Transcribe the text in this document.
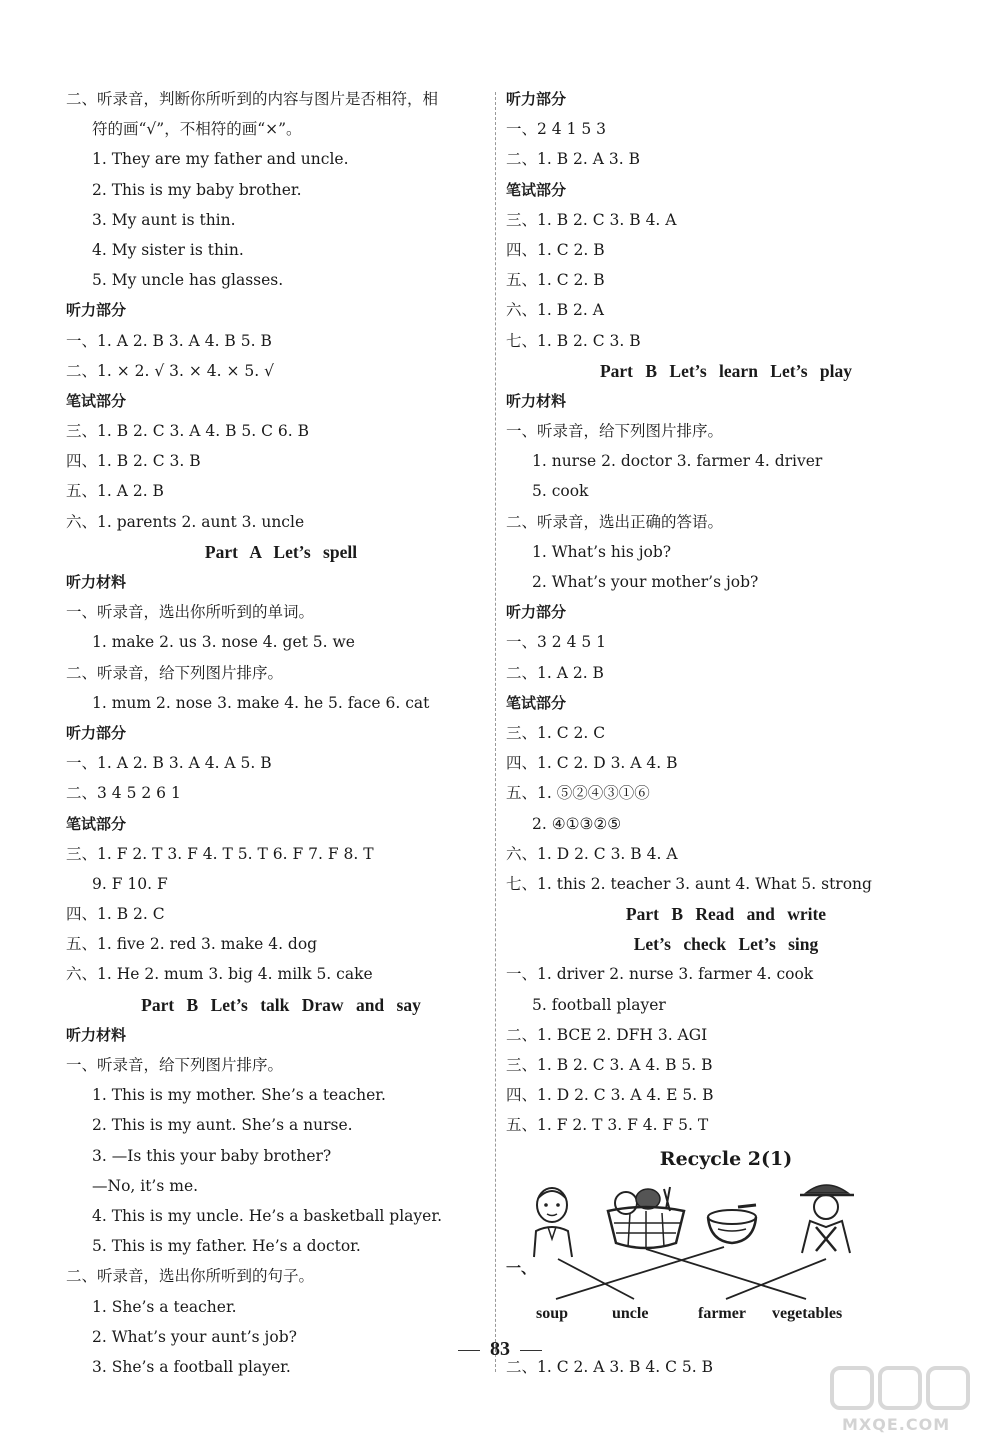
二、听录音，判断你所听到的内容与图片是否相符，相
符的画“√”，不相符的画“×”。
1. They are my father and uncle.
2. This is my baby brother.
3. My aunt is thin.
4. My sister is thin.
5. My uncle has glasses.
听力部分
一、1. A 2. B 3. A 4. B 5. B
二、1. × 2. √ 3. × 4. × 5. √
笔试部分
三、1. B 2. C 3. A 4. B 5. C 6. B
四、1. B 2. C 3. B
五、1. A 2. B
六、1. parents 2. aunt 3. uncle
Part A Let’s spell
听力材料
一、听录音，选出你所听到的单词。
1. make 2. us 3. nose 4. get 5. we
二、听录音，给下列图片排序。
1. mum 2. nose 3. make 4. he 5. face 6. cat
听力部分
一、1. A 2. B 3. A 4. A 5. B
二、3 4 5 2 6 1
笔试部分
三、1. F 2. T 3. F 4. T 5. T 6. F 7. F 8. T
9. F 10. F
四、1. B 2. C
五、1. five 2. red 3. make 4. dog
六、1. He 2. mum 3. big 4. milk 5. cake
Part B Let’s talk Draw and say
听力材料
一、听录音，给下列图片排序。
1. This is my mother. She’s a teacher.
2. This is my aunt. She’s a nurse.
3. —Is this your baby brother?
—No, it’s me.
4. This is my uncle. He’s a basketball player.
5. This is my father. He’s a doctor.
二、听录音，选出你所听到的句子。
1. She’s a teacher.
2. What’s your aunt’s job?
3. She’s a football player.
听力部分
一、2 4 1 5 3
二、1. B 2. A 3. B
笔试部分
三、1. B 2. C 3. B 4. A
四、1. C 2. B
五、1. C 2. B
六、1. B 2. A
七、1. B 2. C 3. B
Part B Let’s learn Let’s play
听力材料
一、听录音，给下列图片排序。
1. nurse 2. doctor 3. farmer 4. driver
5. cook
二、听录音，选出正确的答语。
1. What’s his job?
2. What’s your mother’s job?
听力部分
一、3 2 4 5 1
二、1. A 2. B
笔试部分
三、1. C 2. C
四、1. C 2. D 3. A 4. B
五、1. ⑤②④③①⑥
2. ④①③②⑤
六、1. D 2. C 3. B 4. A
七、1. this 2. teacher 3. aunt 4. What 5. strong
Part B Read and write
Let’s check Let’s sing
一、1. driver 2. nurse 3. farmer 4. cook
5. football player
二、1. BCE 2. DFH 3. AGI
三、1. B 2. C 3. A 4. B 5. B
四、1. D 2. C 3. A 4. E 5. B
五、1. F 2. T 3. F 4. F 5. T
Recycle 2(1)
一、
soup	uncle	farmer vegetables
二、1. C 2. A 3. B 4. C 5. B
83
MXQE.COM
